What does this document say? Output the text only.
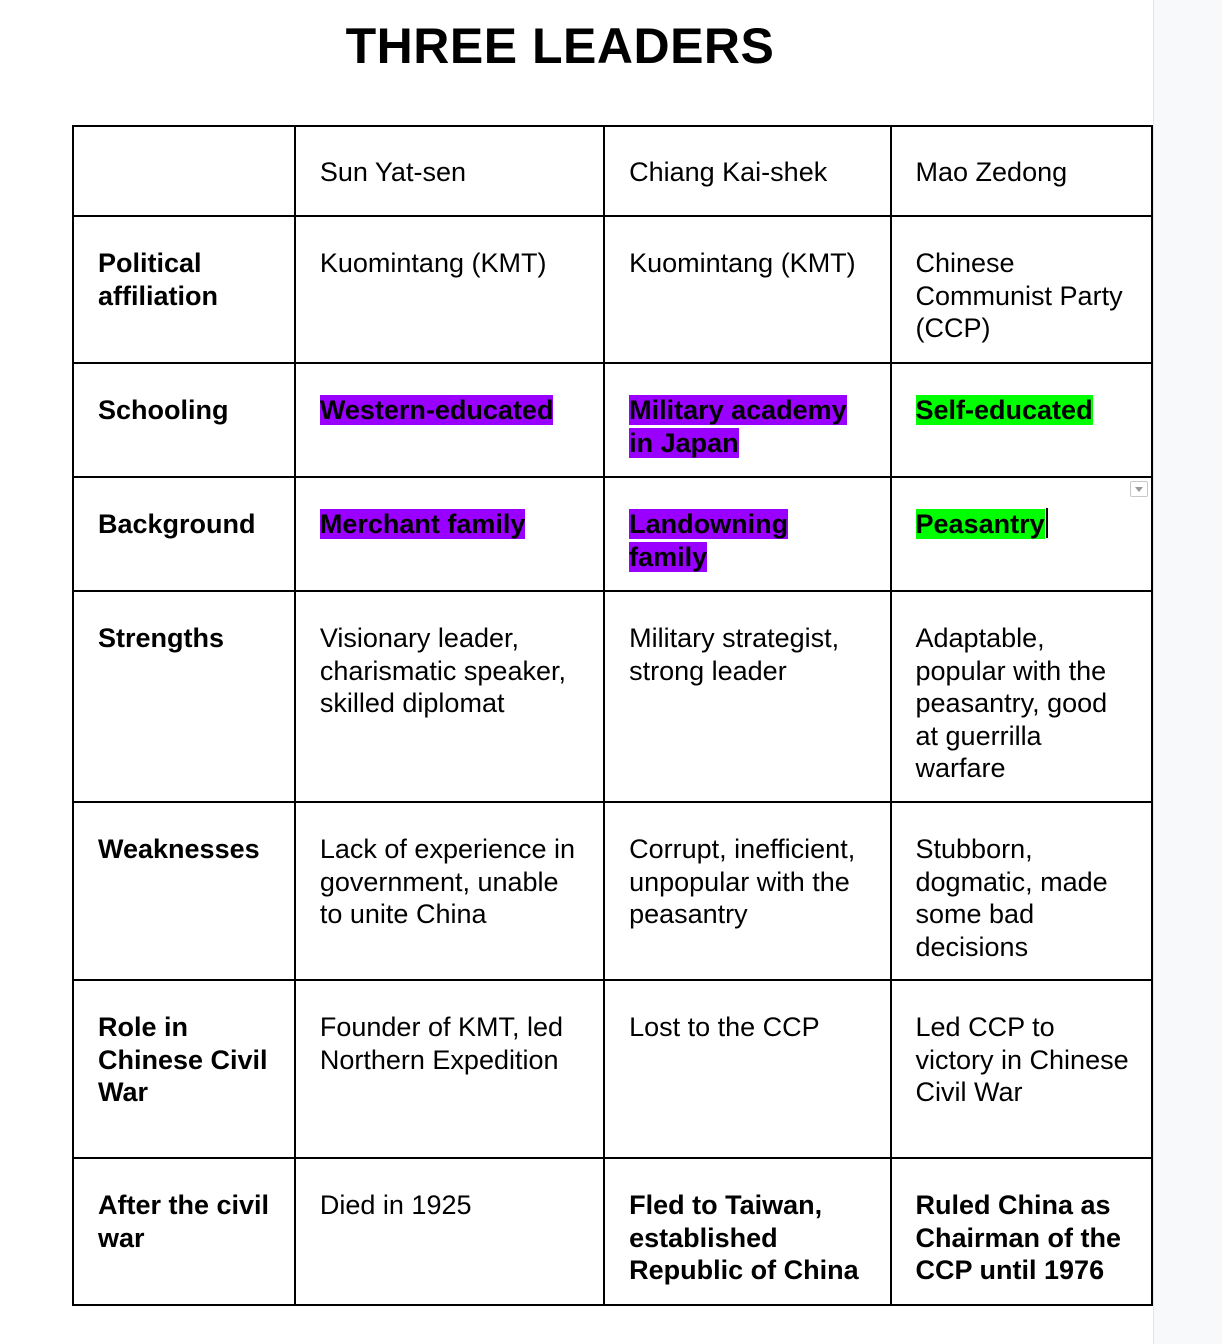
THREE LEADERS
	Sun Yat-sen	Chiang Kai-shek	Mao Zedong
Political affiliation	Kuomintang (KMT)	Kuomintang (KMT)	Chinese Communist Party (CCP)
Schooling	Western-educated	Military academy in Japan	Self-educated
Background	Merchant family	Landowning family	Peasantry
Strengths	Visionary leader, charismatic speaker, skilled diplomat	Military strategist, strong leader	Adaptable, popular with the peasantry, good at guerrilla warfare
Weaknesses	Lack of experience in government, unable to unite China	Corrupt, inefficient, unpopular with the peasantry	Stubborn, dogmatic, made some bad decisions
Role in Chinese Civil War	Founder of KMT, led Northern Expedition	Lost to the CCP	Led CCP to victory in Chinese Civil War
After the civil war	Died in 1925	Fled to Taiwan, established Republic of China	Ruled China as Chairman of the CCP until 1976
